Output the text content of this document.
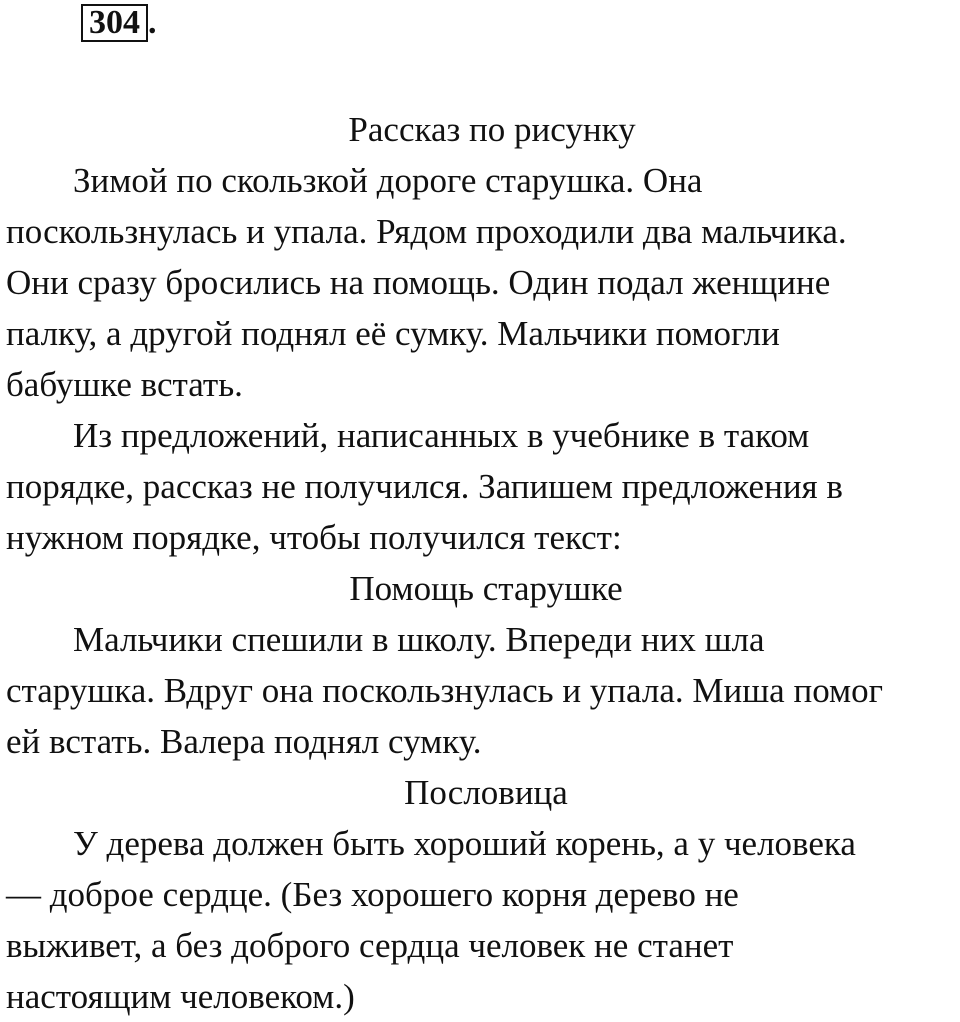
304 .
Рассказ по рисунку
Зимой по скользкой дороге старушка. Она
поскользнулась и упала. Рядом проходили два мальчика.
Они сразу бросились на помощь. Один подал женщине
палку, а другой поднял её сумку. Мальчики помогли
бабушке встать.
Из предложений, написанных в учебнике в таком
порядке, рассказ не получился. Запишем предложения в
нужном порядке, чтобы получился текст:
Помощь старушке
Мальчики спешили в школу. Впереди них шла
старушка. Вдруг она поскользнулась и упала. Миша помог
ей встать. Валера поднял сумку.
Пословица
У дерева должен быть хороший корень, а у человека
— доброе сердце. (Без хорошего корня дерево не
выживет, а без доброго сердца человек не станет
настоящим человеком.)
